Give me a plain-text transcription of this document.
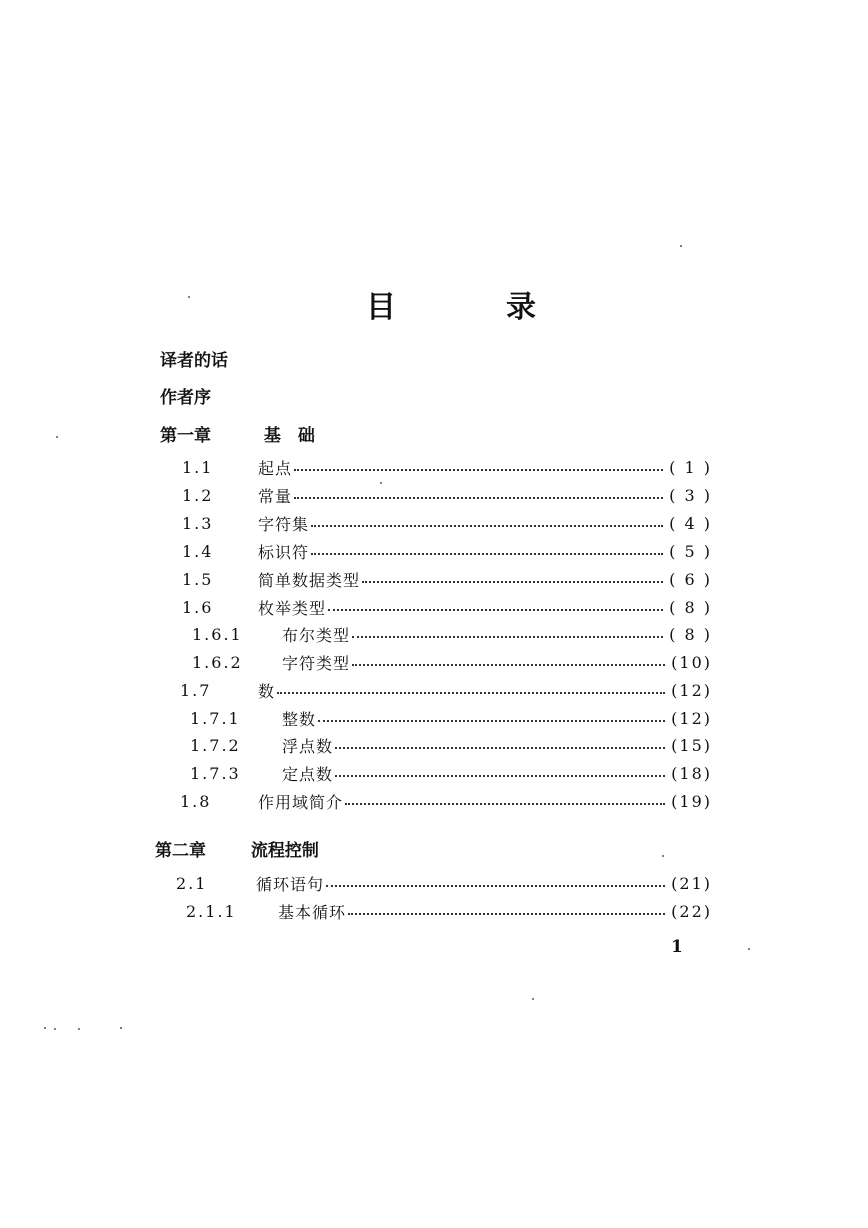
目	录
译者的话
作者序
第一章	基　础
1.1	起点	( 1 )
1.2	常量	( 3 )
1.3	字符集	( 4 )
1.4	标识符	( 5 )
1.5	简单数据类型	( 6 )
1.6	枚举类型	( 8 )
1.6.1	布尔类型	( 8 )
1.6.2	字符类型	(10)
1.7	数	(12)
1.7.1	整数	(12)
1.7.2	浮点数	(15)
1.7.3	定点数	(18)
1.8	作用域简介	(19)
第二章	流程控制
2.1	循环语句	(21)
2.1.1	基本循环	(22)
1
